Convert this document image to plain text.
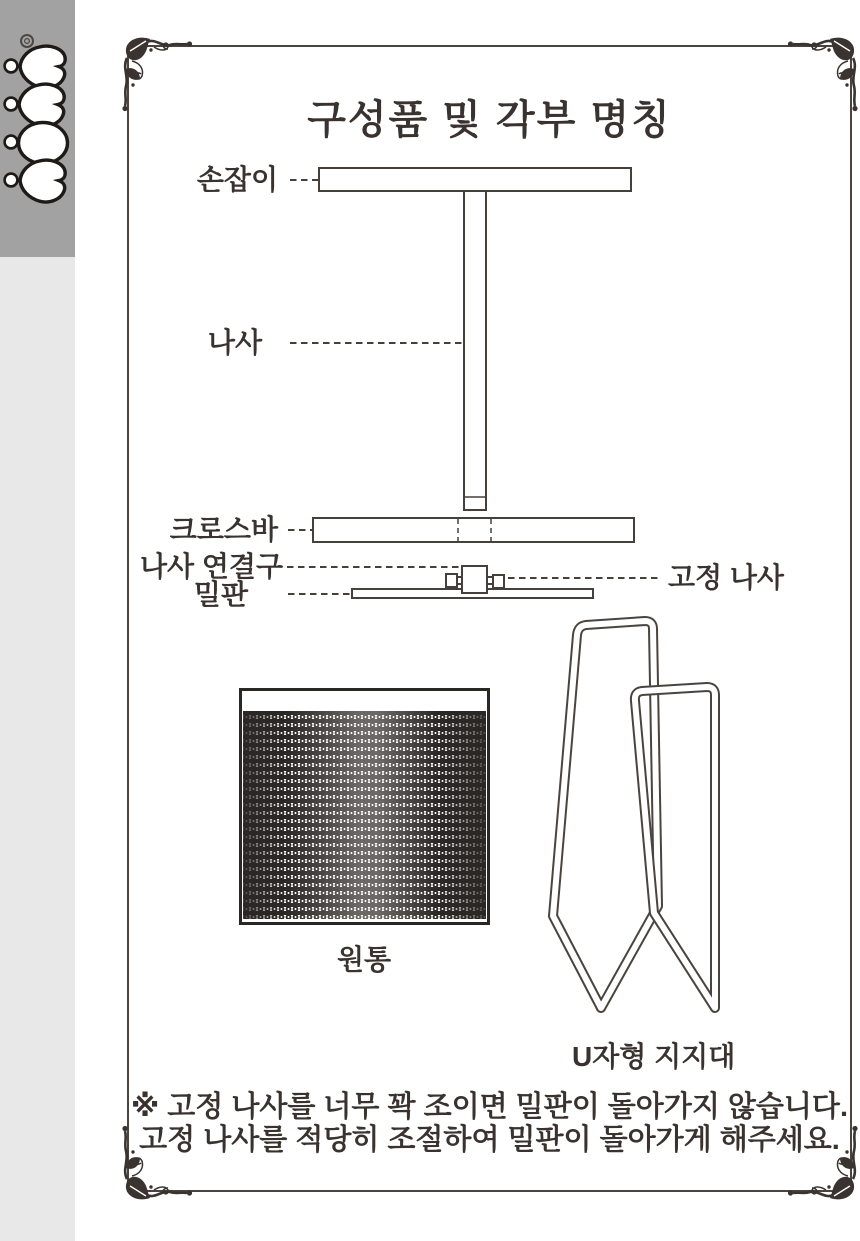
구성품 및 각부 명칭
손잡이
나사
크로스바
나사 연결구
밀판
고정 나사
원통
U자형 지지대
※ 고정 나사를 너무 꽉 조이면 밀판이 돌아가지 않습니다.
고정 나사를 적당히 조절하여 밀판이 돌아가게 해주세요.
